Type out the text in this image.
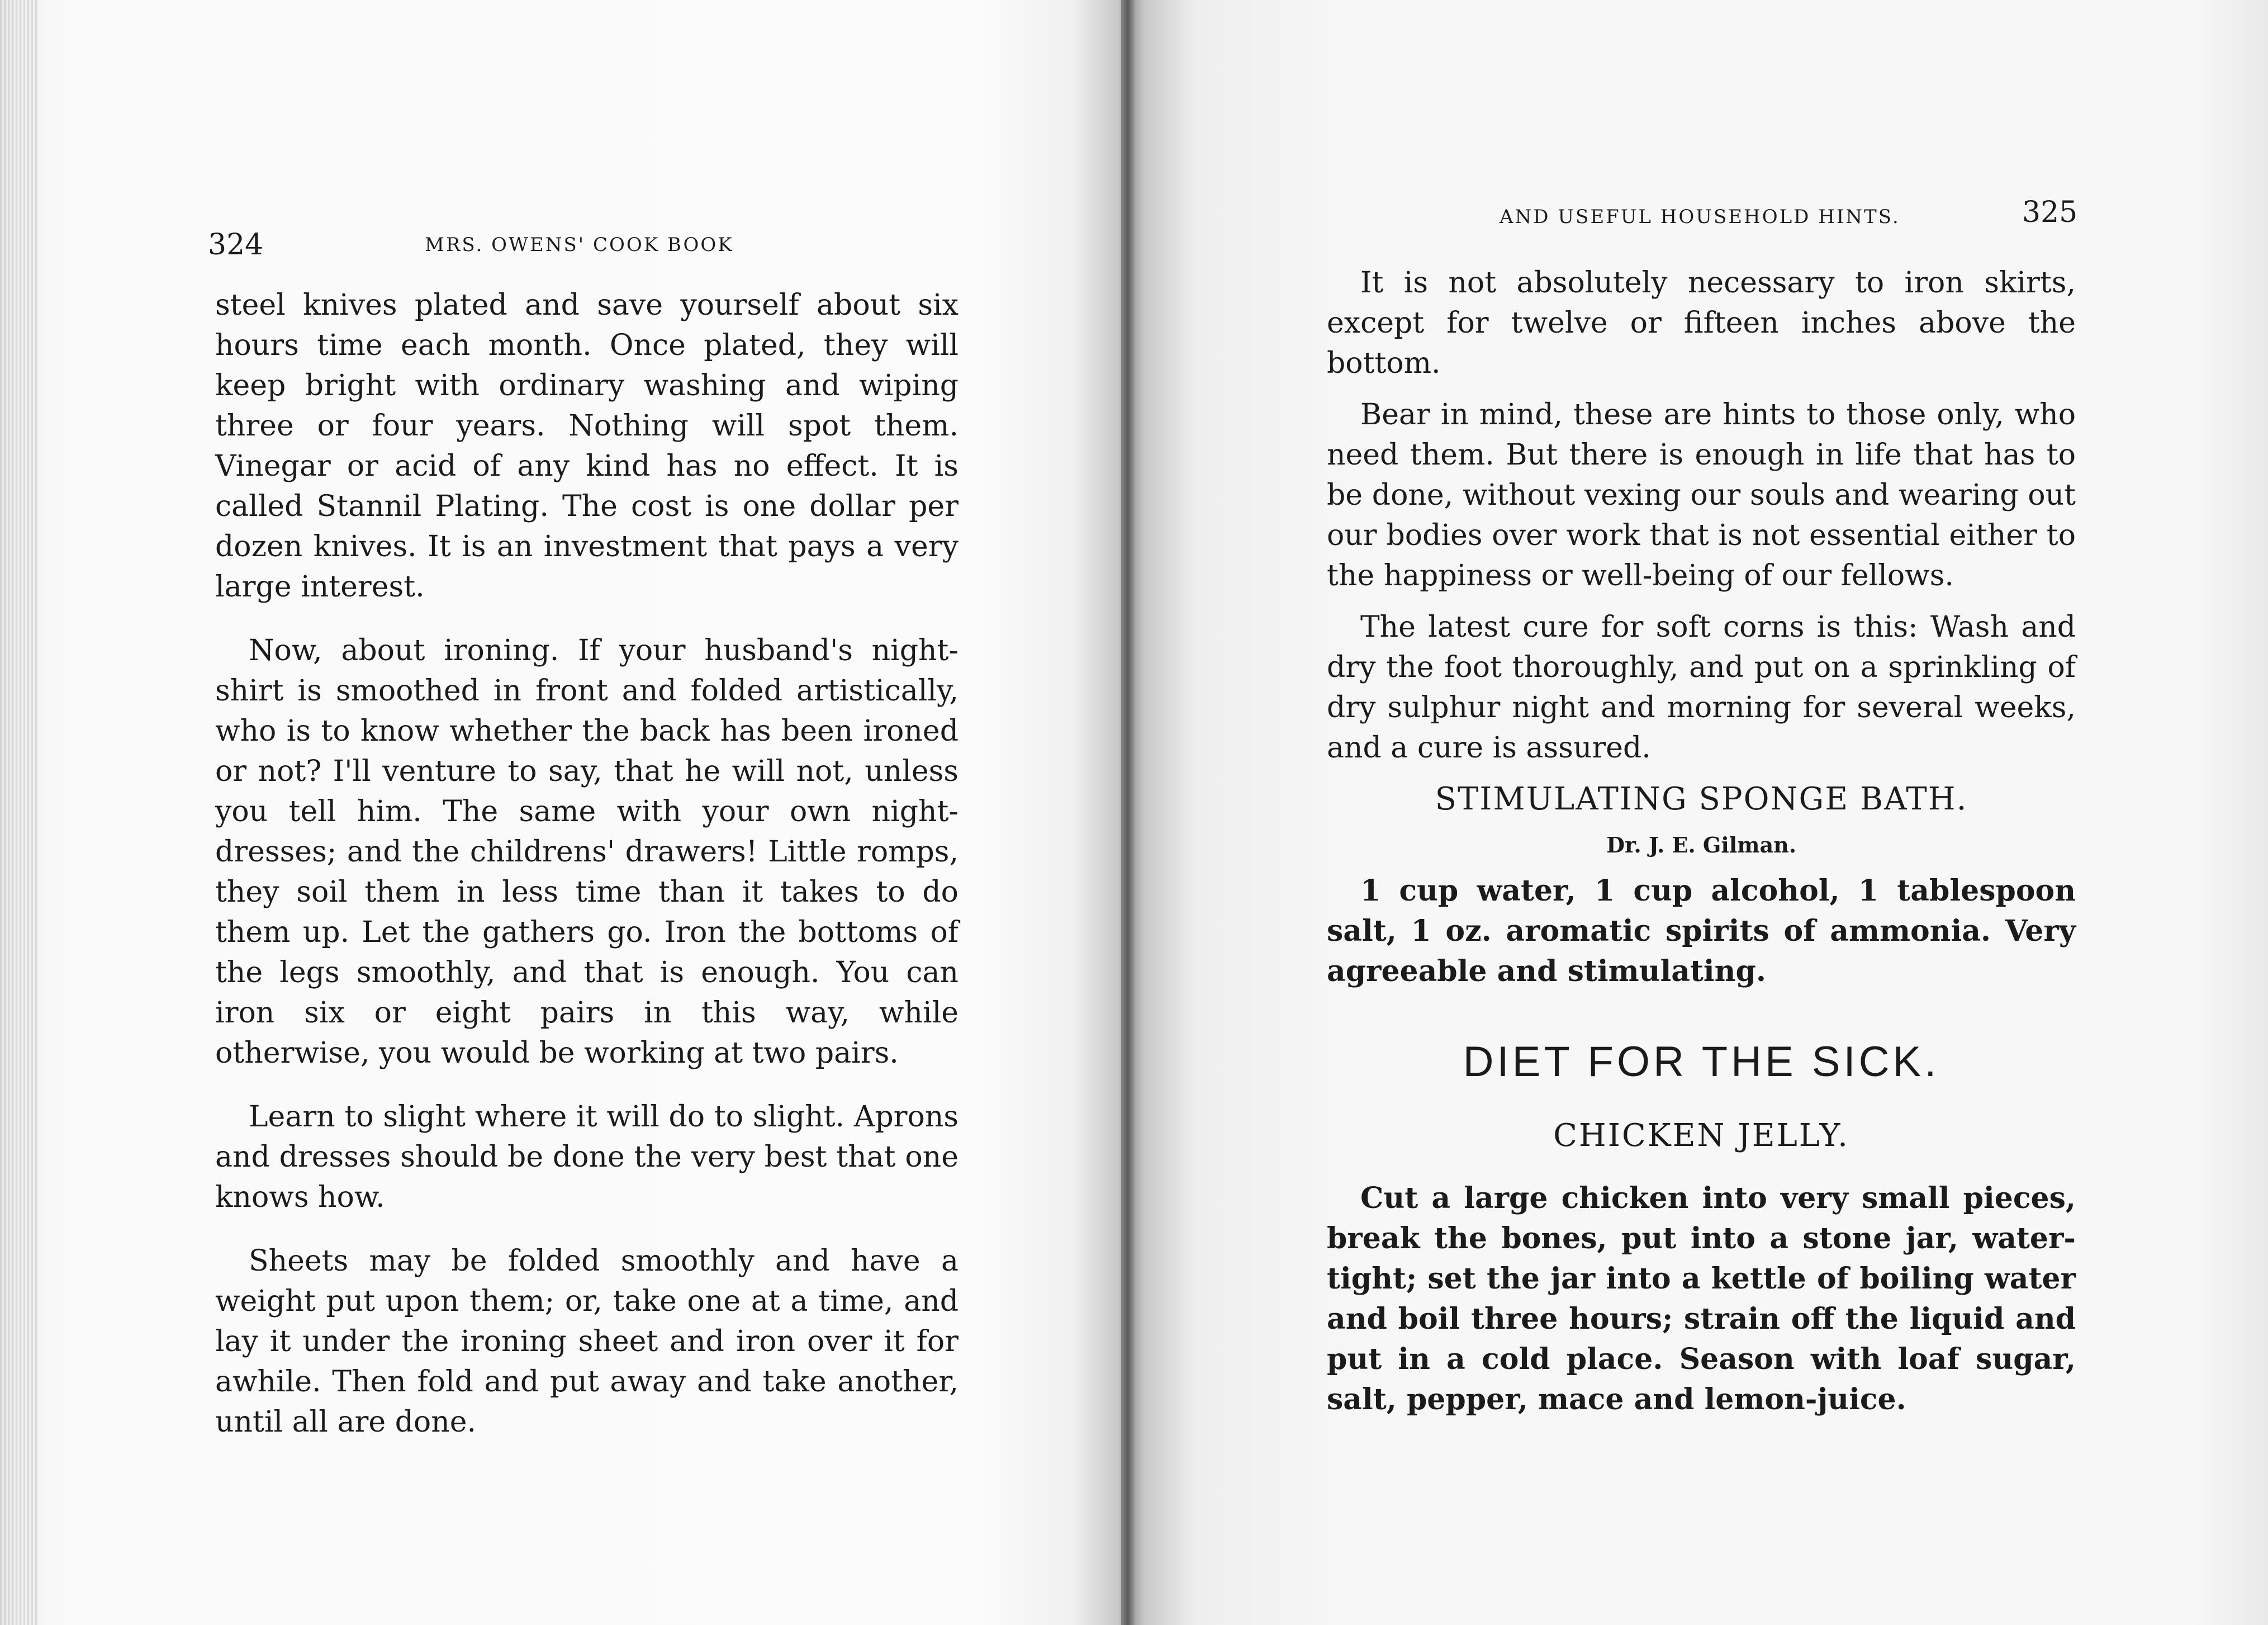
324	MRS. OWENS' COOK BOOK

steel knives plated and save yourself about six hours time each month. Once plated, they will keep bright with ordinary washing and wiping three or four years. Nothing will spot them. Vinegar or acid of any kind has no effect. It is called Stannil Plating. The cost is one dollar per dozen knives. It is an investment that pays a very large interest.

Now, about ironing. If your husband's night-shirt is smoothed in front and folded artistically, who is to know whether the back has been ironed or not? I'll venture to say, that he will not, unless you tell him. The same with your own night-dresses; and the childrens' drawers! Little romps, they soil them in less time than it takes to do them up. Let the gathers go. Iron the bottoms of the legs smoothly, and that is enough. You can iron six or eight pairs in this way, while otherwise, you would be working at two pairs.

Learn to slight where it will do to slight. Aprons and dresses should be done the very best that one knows how.

Sheets may be folded smoothly and have a weight put upon them; or, take one at a time, and lay it under the ironing sheet and iron over it for awhile. Then fold and put away and take another, until all are done.

AND USEFUL HOUSEHOLD HINTS.	325

It is not absolutely necessary to iron skirts, except for twelve or fifteen inches above the bottom.

Bear in mind, these are hints to those only, who need them. But there is enough in life that has to be done, without vexing our souls and wearing out our bodies over work that is not essential either to the happiness or well-being of our fellows.

The latest cure for soft corns is this: Wash and dry the foot thoroughly, and put on a sprinkling of dry sulphur night and morning for several weeks, and a cure is assured.

STIMULATING SPONGE BATH.
Dr. J. E. Gilman.

1 cup water, 1 cup alcohol, 1 tablespoon salt, 1 oz. aromatic spirits of ammonia. Very agreeable and stimulating.

DIET FOR THE SICK.
CHICKEN JELLY.

Cut a large chicken into very small pieces, break the bones, put into a stone jar, water-tight; set the jar into a kettle of boiling water and boil three hours; strain off the liquid and put in a cold place. Season with loaf sugar, salt, pepper, mace and lemon-juice.
